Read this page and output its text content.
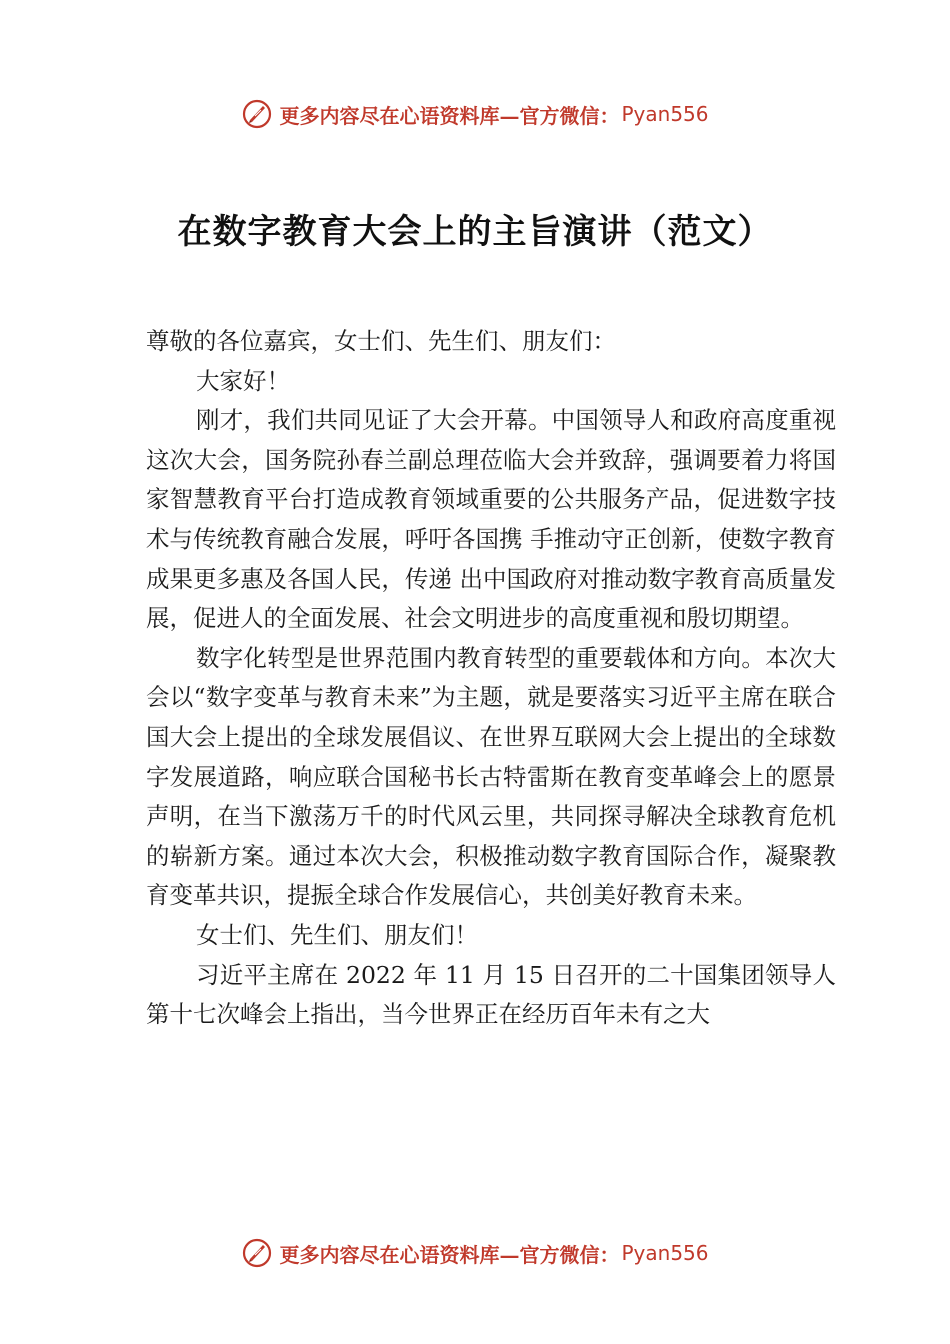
更多内容尽在心语资料库—官方微信： Pyan556
在数字教育大会上的主旨演讲（范文）

尊敬的各位嘉宾，女士们、先生们、朋友们：

大家好！

刚才，我们共同见证了大会开幕。中国领导人和政府高度重视这次大会，国务院孙春兰副总理莅临大会并致辞，强调要着力将国家智慧教育平台打造成教育领域重要的公共服务产品，促进数字技术与传统教育融合发展，呼吁各国携 手推动守正创新，使数字教育成果更多惠及各国人民，传递 出中国政府对推动数字教育高质量发展，促进人的全面发展、社会文明进步的高度重视和殷切期望。

数字化转型是世界范围内教育转型的重要载体和方向。本次大会以“数字变革与教育未来”为主题，就是要落实习近平主席在联合国大会上提出的全球发展倡议、在世界互联网大会上提出的全球数字发展道路，响应联合国秘书长古特雷斯在教育变革峰会上的愿景声明，在当下激荡万千的时代风云里，共同探寻解决全球教育危机的崭新方案。通过本次大会，积极推动数字教育国际合作，凝聚教育变革共识，提振全球合作发展信心，共创美好教育未来。

女士们、先生们、朋友们！

习近平主席在 2022 年 11 月 15 日召开的二十国集团领导人第十七次峰会上指出，当今世界正在经历百年未有之大

更多内容尽在心语资料库—官方微信： Pyan556
